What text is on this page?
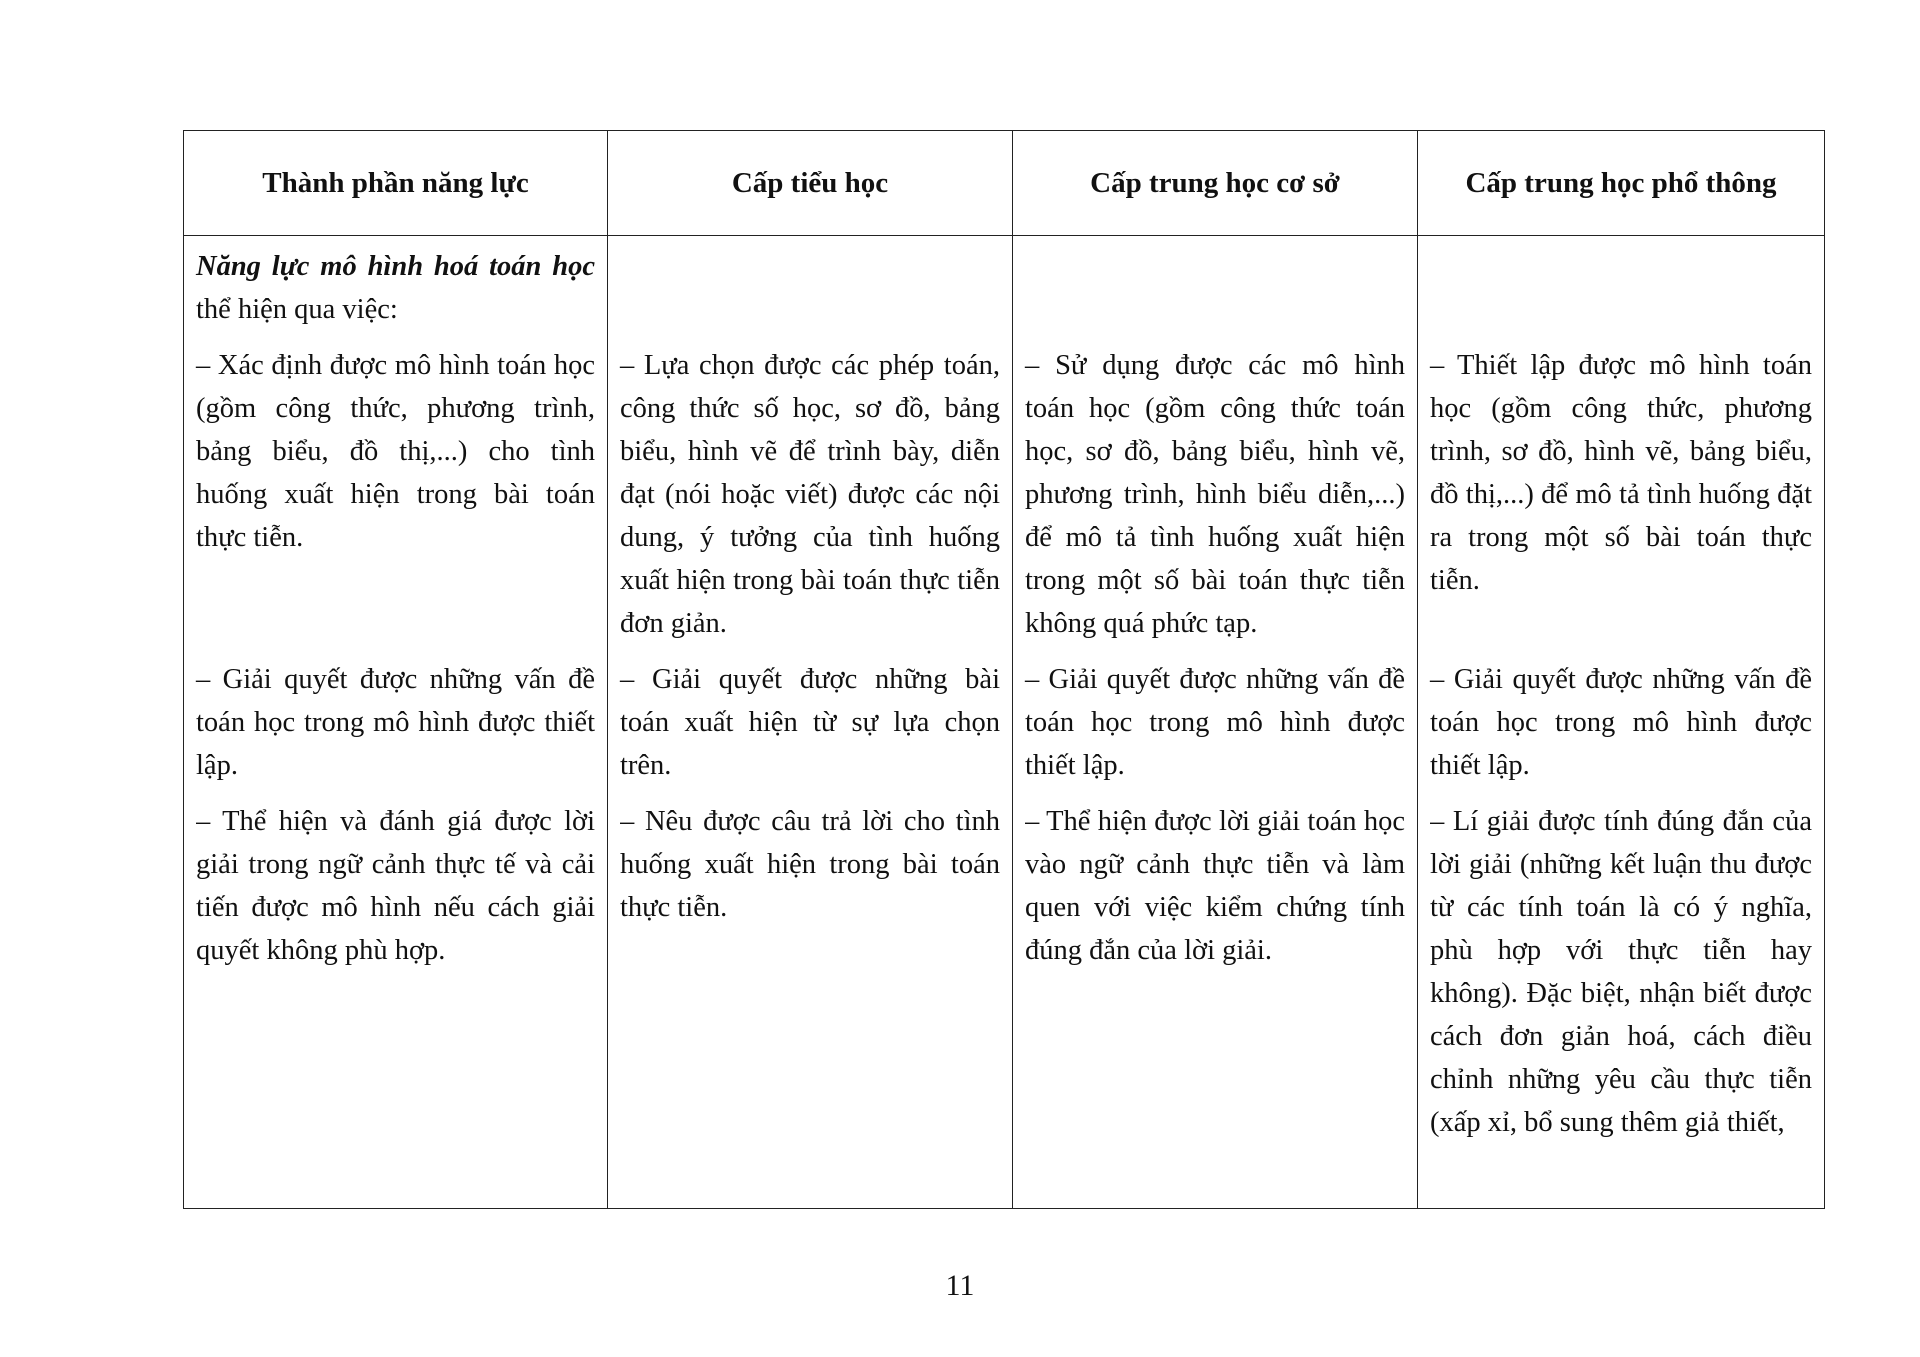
Thành phần năng lực	Cấp tiểu học	Cấp trung học cơ sở	Cấp trung học phổ thông
Năng lực mô hình hoá toán học thể hiện qua việc:			
– Xác định được mô hình toán học (gồm công thức, phương trình, bảng biểu, đồ thị,...) cho tình huống xuất hiện trong bài toán thực tiễn.	– Lựa chọn được các phép toán, công thức số học, sơ đồ, bảng biểu, hình vẽ để trình bày, diễn đạt (nói hoặc viết) được các nội dung, ý tưởng của tình huống xuất hiện trong bài toán thực tiễn đơn giản.	– Sử dụng được các mô hình toán học (gồm công thức toán học, sơ đồ, bảng biểu, hình vẽ, phương trình, hình biểu diễn,...) để mô tả tình huống xuất hiện trong một số bài toán thực tiễn không quá phức tạp.	– Thiết lập được mô hình toán học (gồm công thức, phương trình, sơ đồ, hình vẽ, bảng biểu, đồ thị,...) để mô tả tình huống đặt ra trong một số bài toán thực tiễn.
– Giải quyết được những vấn đề toán học trong mô hình được thiết lập.	– Giải quyết được những bài toán xuất hiện từ sự lựa chọn trên.	– Giải quyết được những vấn đề toán học trong mô hình được thiết lập.	– Giải quyết được những vấn đề toán học trong mô hình được thiết lập.

– Thể hiện và đánh giá được lời giải trong ngữ cảnh thực tế và cải tiến được mô hình nếu cách giải quyết không phù hợp.	– Nêu được câu trả lời cho tình huống xuất hiện trong bài toán thực tiễn.	– Thể hiện được lời giải toán học vào ngữ cảnh thực tiễn và làm quen với việc kiểm chứng tính đúng đắn của lời giải.	– Lí giải được tính đúng đắn của lời giải (những kết luận thu được từ các tính toán là có ý nghĩa, phù hợp với thực tiễn hay không). Đặc biệt, nhận biết được cách đơn giản hoá, cách điều chỉnh những yêu cầu thực tiễn (xấp xỉ, bổ sung thêm giả thiết,
11
